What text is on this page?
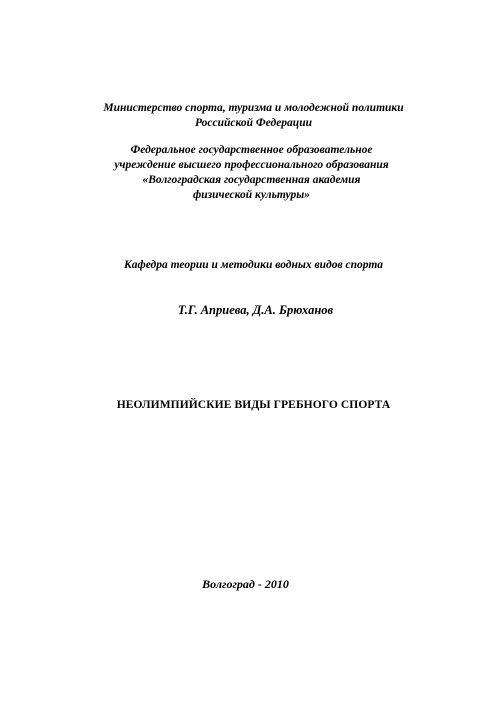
Министерство спорта, туризма и молодежной политики
Российской Федерации
Федеральное государственное образовательное
учреждение высшего профессионального образования
«Волгоградская государственная академия
физической культуры»
Кафедра теории и методики водных видов спорта
Т.Г. Априева, Д.А. Брюханов
НЕОЛИМПИЙСКИЕ ВИДЫ ГРЕБНОГО СПОРТА
Волгоград - 2010
